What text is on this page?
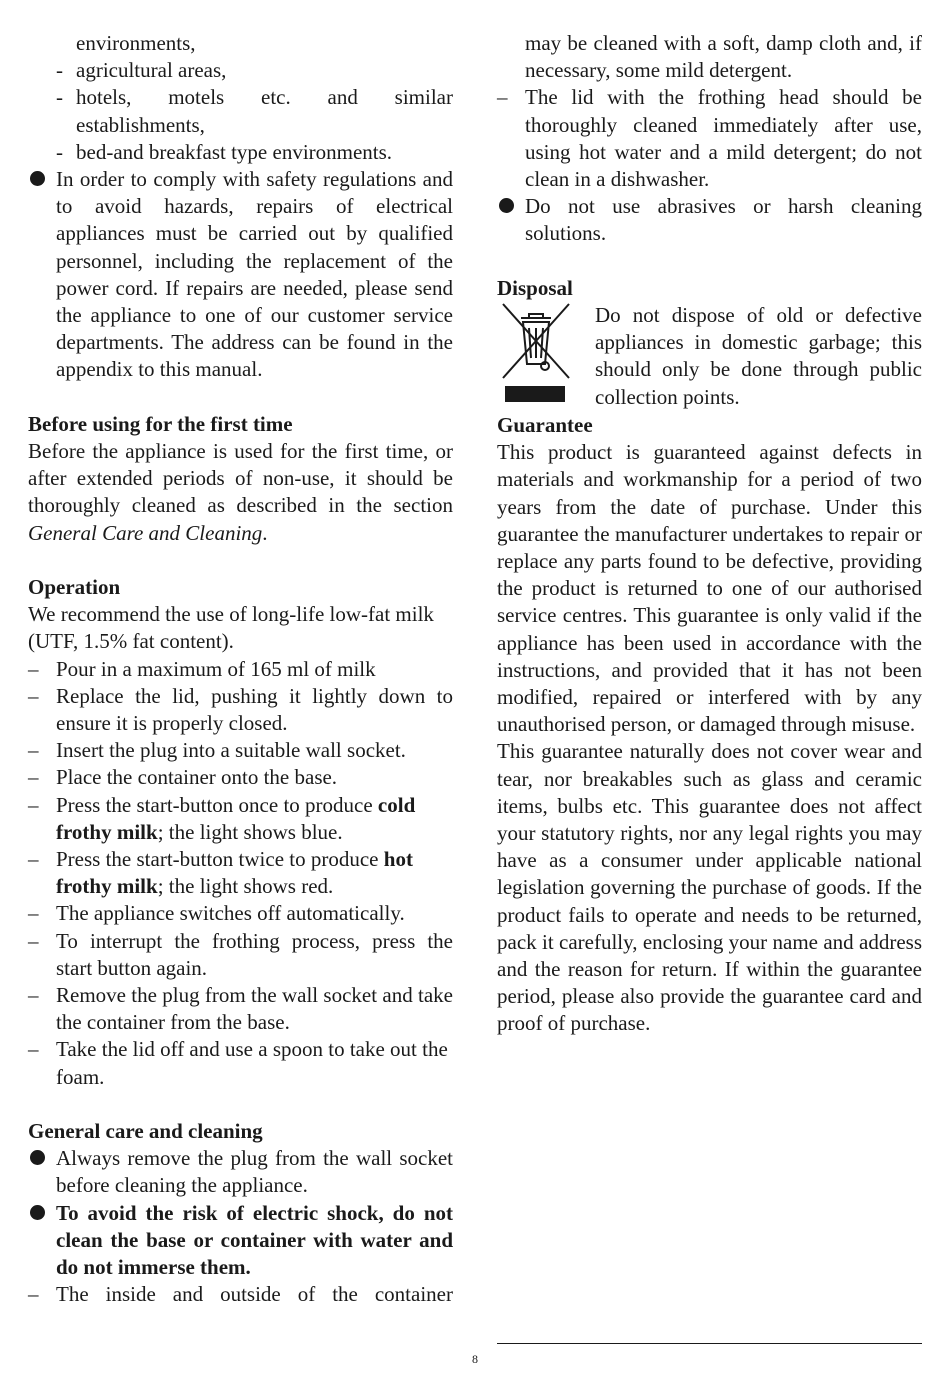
environments,

- agricultural areas,
- hotels, motels etc. and similar establishments,
- bed-and breakfast type environments.
In order to comply with safety regulations and to avoid hazards, repairs of electrical appliances must be carried out by qualified personnel, including the replacement of the power cord. If repairs are needed, please send the appliance to one of our customer service departments. The address can be found in the appendix to this manual.
Before using for the first time

Before the appliance is used for the first time, or after extended periods of non-use, it should be thoroughly cleaned as described in the section General Care and Cleaning.

Operation

We recommend the use of long-life low-fat milk (UTF, 1.5% fat content).

– Pour in a maximum of 165 ml of milk
– Replace the lid, pushing it lightly down to ensure it is properly closed.
– Insert the plug into a suitable wall socket.
– Place the container onto the base.
– Press the start-button once to produce cold frothy milk; the light shows blue.
– Press the start-button twice to produce hot frothy milk; the light shows red.
– The appliance switches off automatically.
– To interrupt the frothing process, press the start button again.
– Remove the plug from the wall socket and take the container from the base.
– Take the lid off and use a spoon to take out the foam.
General care and cleaning
Always remove the plug from the wall socket before cleaning the appliance.
To avoid the risk of electric shock, do not clean the base or container with water and do not immerse them.
– The inside and outside of the container

may be cleaned with a soft, damp cloth and, if necessary, some mild detergent.

– The lid with the frothing head should be thoroughly cleaned immediately after use, using hot water and a mild detergent; do not clean in a dishwasher.
Do not use abrasives or harsh cleaning solutions.
Disposal

Do not dispose of old or defective appliances in domestic garbage; this should only be done through public collection points.

Guarantee

This product is guaranteed against defects in materials and workmanship for a period of two years from the date of purchase. Under this guarantee the manufacturer undertakes to repair or replace any parts found to be defective, providing the product is returned to one of our authorised service centres. This guarantee is only valid if the appliance has been used in accordance with the instructions, and provided that it has not been modified, repaired or interfered with by any unauthorised person, or damaged through misuse.

This guarantee naturally does not cover wear and tear, nor breakables such as glass and ceramic items, bulbs etc. This guarantee does not affect your statutory rights, nor any legal rights you may have as a consumer under applicable national legislation governing the purchase of goods. If the product fails to operate and needs to be returned, pack it carefully, enclosing your name and address and the reason for return. If within the guarantee period, please also provide the guarantee card and proof of purchase.

8
